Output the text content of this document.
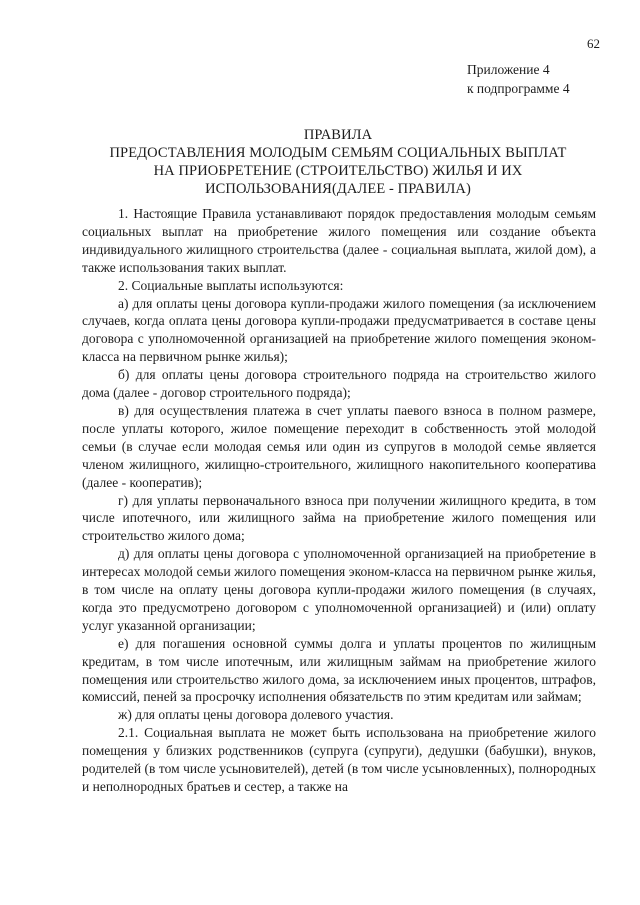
62
Приложение 4
к подпрограмме 4
ПРАВИЛА
ПРЕДОСТАВЛЕНИЯ МОЛОДЫМ СЕМЬЯМ СОЦИАЛЬНЫХ ВЫПЛАТ
НА ПРИОБРЕТЕНИЕ (СТРОИТЕЛЬСТВО) ЖИЛЬЯ И ИХ
ИСПОЛЬЗОВАНИЯ(ДАЛЕЕ - ПРАВИЛА)

1. Настоящие Правила устанавливают порядок предоставления молодым семьям социальных выплат на приобретение жилого помещения или создание объекта индивидуального жилищного строительства (далее - социальная выплата, жилой дом), а также использования таких выплат.

2. Социальные выплаты используются:

а) для оплаты цены договора купли-продажи жилого помещения (за исключением случаев, когда оплата цены договора купли-продажи предусматривается в составе цены договора с уполномоченной организацией на приобретение жилого помещения эконом-класса на первичном рынке жилья);

б) для оплаты цены договора строительного подряда на строительство жилого дома (далее - договор строительного подряда);

в) для осуществления платежа в счет уплаты паевого взноса в полном размере, после уплаты которого, жилое помещение переходит в собственность этой молодой семьи (в случае если молодая семья или один из супругов в молодой семье является членом жилищного, жилищно-строительного, жилищного накопительного кооператива (далее - кооператив);

г) для уплаты первоначального взноса при получении жилищного кредита, в том числе ипотечного, или жилищного займа на приобретение жилого помещения или строительство жилого дома;

д) для оплаты цены договора с уполномоченной организацией на приобретение в интересах молодой семьи жилого помещения эконом-класса на первичном рынке жилья, в том числе на оплату цены договора купли-продажи жилого помещения (в случаях, когда это предусмотрено договором с уполномоченной организацией) и (или) оплату услуг указанной организации;

е) для погашения основной суммы долга и уплаты процентов по жилищным кредитам, в том числе ипотечным, или жилищным займам на приобретение жилого помещения или строительство жилого дома, за исключением иных процентов, штрафов, комиссий, пеней за просрочку исполнения обязательств по этим кредитам или займам;

ж) для оплаты цены договора долевого участия.

2.1. Социальная выплата не может быть использована на приобретение жилого помещения у близких родственников (супруга (супруги), дедушки (бабушки), внуков, родителей (в том числе усыновителей), детей (в том числе усыновленных), полнородных и неполнородных братьев и сестер, а также на
